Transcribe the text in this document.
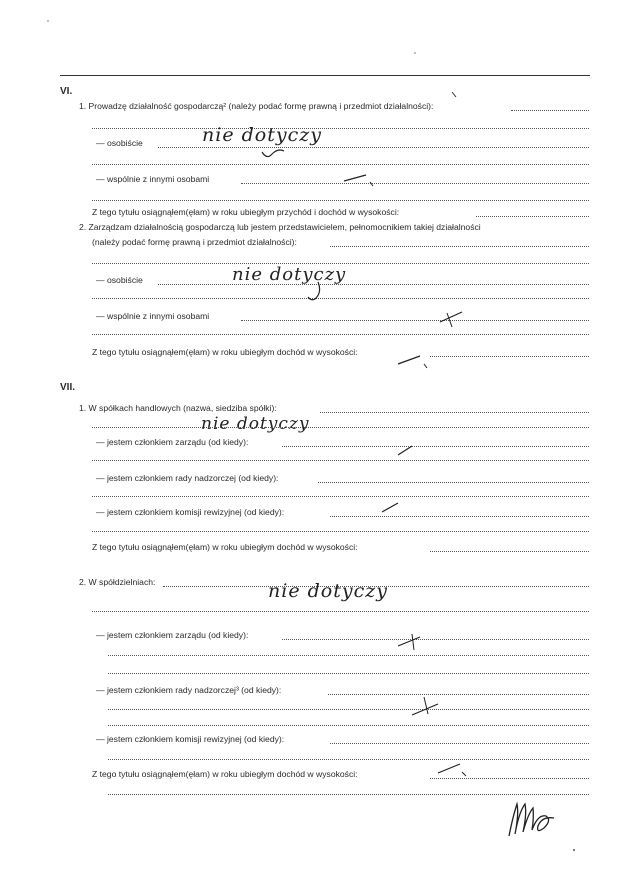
VI.
1. Prowadzę działalność gospodarczą² (należy podać formę prawną i przedmiot działalności):
— osobiście	nie dotyczy
— wspólnie z innymi osobami
Z tego tytułu osiągnąłem(ęłam) w roku ubiegłym przychód i dochód w wysokości:
2. Zarządzam działalnością gospodarczą lub jestem przedstawicielem, pełnomocnikiem takiej działalności
(należy podać formę prawną i przedmiot działalności):
— osobiście	nie dotyczy
— wspólnie z innymi osobami
Z tego tytułu osiągnąłem(ęłam) w roku ubiegłym dochód w wysokości:
VII.
1. W spółkach handlowych (nazwa, siedziba spółki):
nie dotyczy
— jestem członkiem zarządu (od kiedy):
— jestem członkiem rady nadzorczej (od kiedy):
— jestem członkiem komisji rewizyjnej (od kiedy):
Z tego tytułu osiągnąłem(ęłam) w roku ubiegłym dochód w wysokości:
2. W spółdzielniach:	nie dotyczy
— jestem członkiem zarządu (od kiedy):
— jestem członkiem rady nadzorczej³ (od kiedy):
— jestem członkiem komisji rewizyjnej (od kiedy):
Z tego tytułu osiągnąłem(ęłam) w roku ubiegłym dochód w wysokości:
